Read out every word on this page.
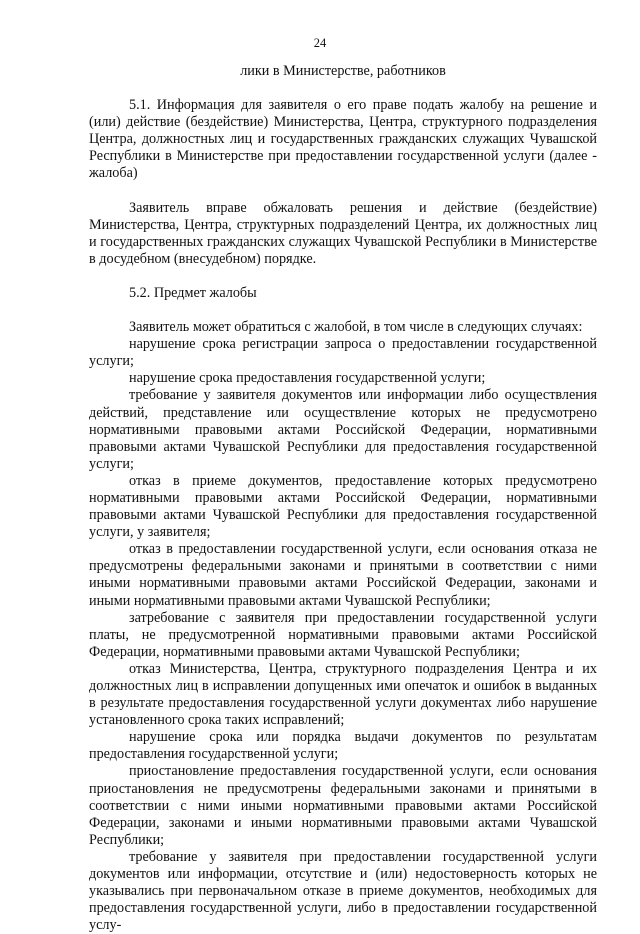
24

лики в Министерстве, работников

5.1. Информация для заявителя о его праве подать жалобу на решение и (или) действие (бездействие) Министерства, Центра, структурного подразделения Центра, должностных лиц и государственных гражданских служащих Чувашской Республики в Министерстве при предоставлении государственной услуги (далее - жалоба)

Заявитель вправе обжаловать решения и действие (бездействие) Министерства, Центра, структурных подразделений Центра, их должностных лиц и государственных гражданских служащих Чувашской Республики в Министерстве в досудебном (внесудебном) порядке.

5.2. Предмет жалобы

Заявитель может обратиться с жалобой, в том числе в следующих случаях:

нарушение срока регистрации запроса о предоставлении государственной услуги;

нарушение срока предоставления государственной услуги;

требование у заявителя документов или информации либо осуществления действий, представление или осуществление которых не предусмотрено нормативными правовыми актами Российской Федерации, нормативными правовыми актами Чувашской Республики для предоставления государственной услуги;

отказ в приеме документов, предоставление которых предусмотрено нормативными правовыми актами Российской Федерации, нормативными правовыми актами Чувашской Республики для предоставления государственной услуги, у заявителя;

отказ в предоставлении государственной услуги, если основания отказа не предусмотрены федеральными законами и принятыми в соответствии с ними иными нормативными правовыми актами Российской Федерации, законами и иными нормативными правовыми актами Чувашской Республики;

затребование с заявителя при предоставлении государственной услуги платы, не предусмотренной нормативными правовыми актами Российской Федерации, нормативными правовыми актами Чувашской Республики;

отказ Министерства, Центра, структурного подразделения Центра и их должностных лиц в исправлении допущенных ими опечаток и ошибок в выданных в результате предоставления государственной услуги документах либо нарушение установленного срока таких исправлений;

нарушение срока или порядка выдачи документов по результатам предоставления государственной услуги;

приостановление предоставления государственной услуги, если основания приостановления не предусмотрены федеральными законами и принятыми в соответствии с ними иными нормативными правовыми актами Российской Федерации, законами и иными нормативными правовыми актами Чувашской Республики;

требование у заявителя при предоставлении государственной услуги документов или информации, отсутствие и (или) недостоверность которых не указывались при первоначальном отказе в приеме документов, необходимых для предоставления государственной услуги, либо в предоставлении государственной услу-
